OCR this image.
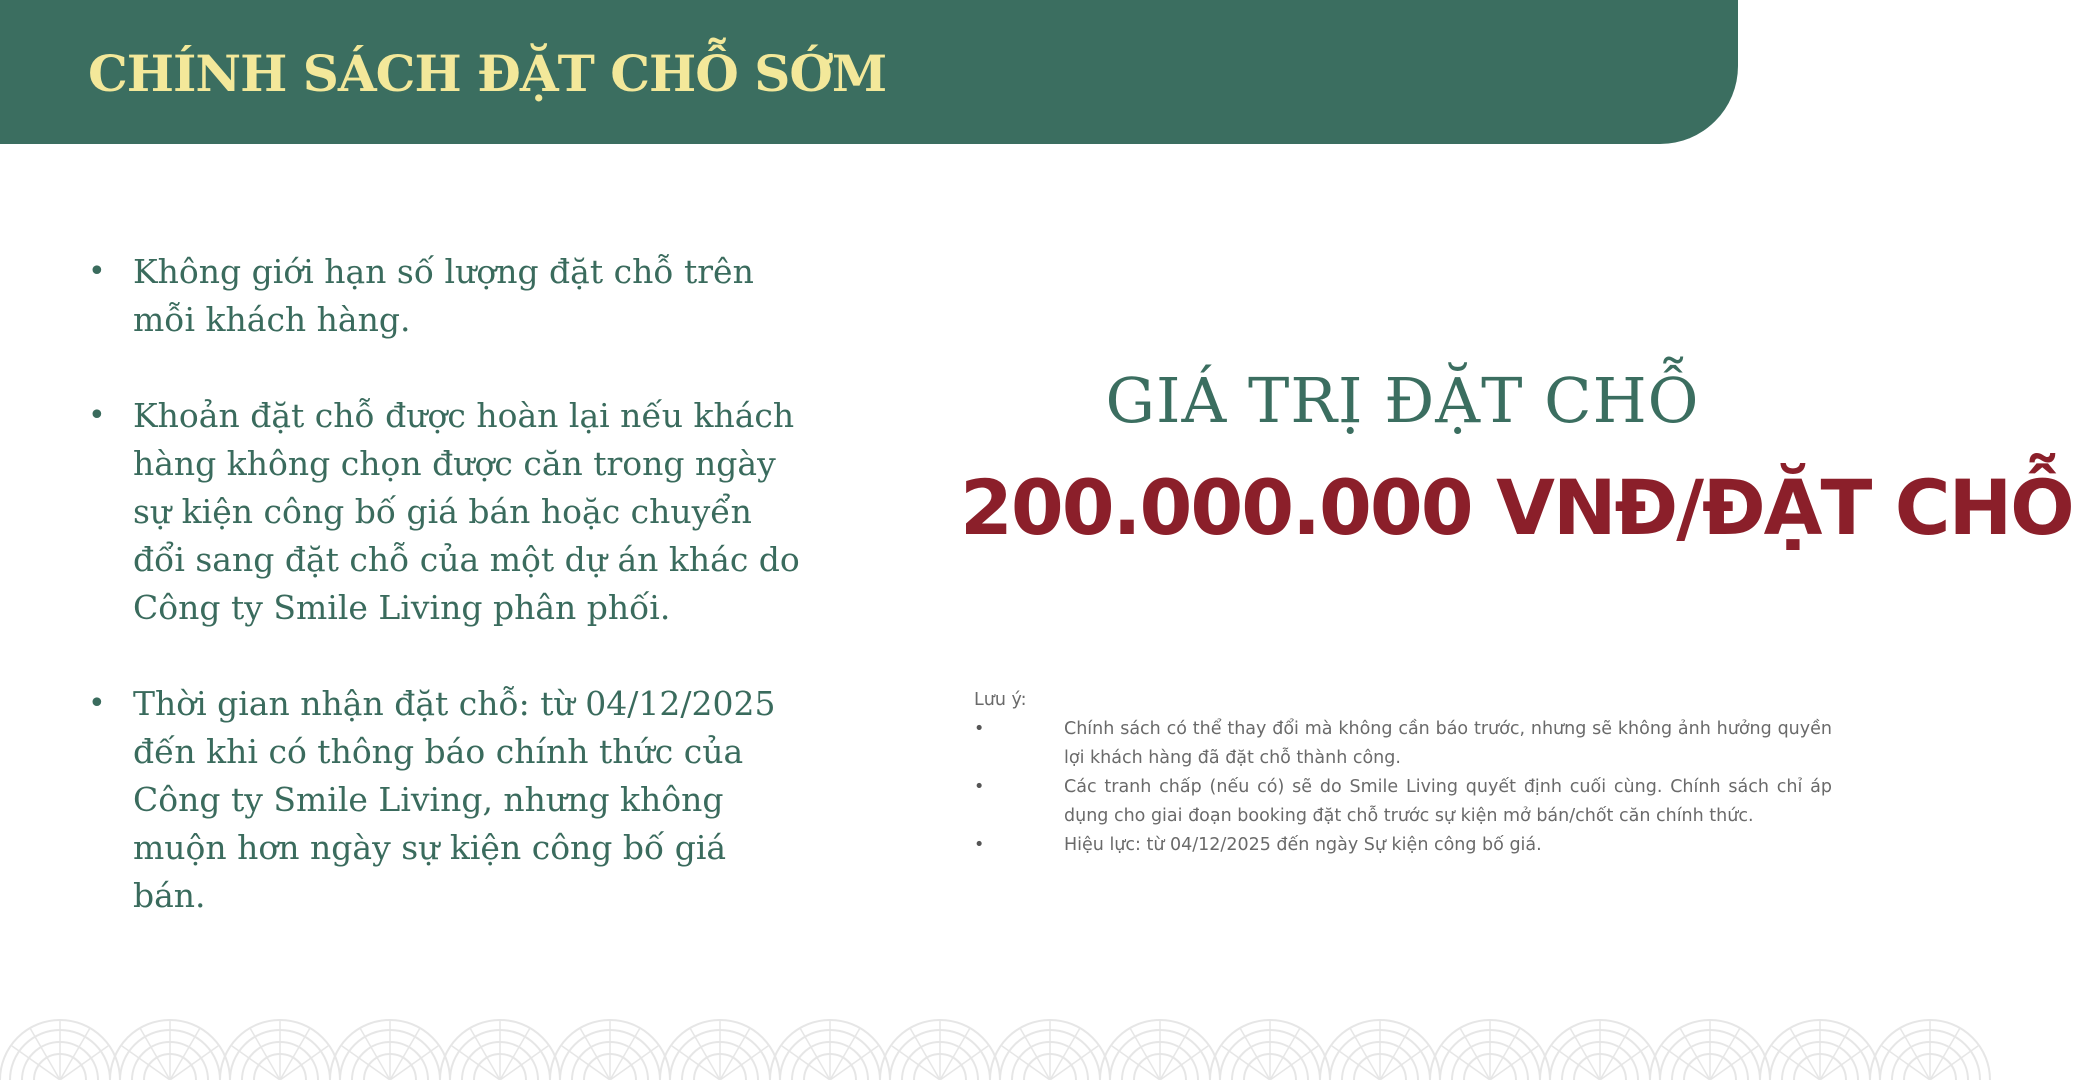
CHÍNH SÁCH ĐẶT CHỖ SỚM
• Không giới hạn số lượng đặt chỗ trên mỗi khách hàng.
• Khoản đặt chỗ được hoàn lại nếu khách hàng không chọn được căn trong ngày sự kiện công bố giá bán hoặc chuyển đổi sang đặt chỗ của một dự án khác do Công ty Smile Living phân phối.
• Thời gian nhận đặt chỗ: từ 04/12/2025 đến khi có thông báo chính thức của Công ty Smile Living, nhưng không muộn hơn ngày sự kiện công bố giá bán.
GIÁ TRỊ ĐẶT CHỖ
200.000.000 VNĐ/ĐẶT CHỖ
Lưu ý:
• Chính sách có thể thay đổi mà không cần báo trước, nhưng sẽ không ảnh hưởng quyền lợi khách hàng đã đặt chỗ thành công.
• Các tranh chấp (nếu có) sẽ do Smile Living quyết định cuối cùng. Chính sách chỉ áp dụng cho giai đoạn booking đặt chỗ trước sự kiện mở bán/chốt căn chính thức.
• Hiệu lực: từ 04/12/2025 đến ngày Sự kiện công bố giá.
